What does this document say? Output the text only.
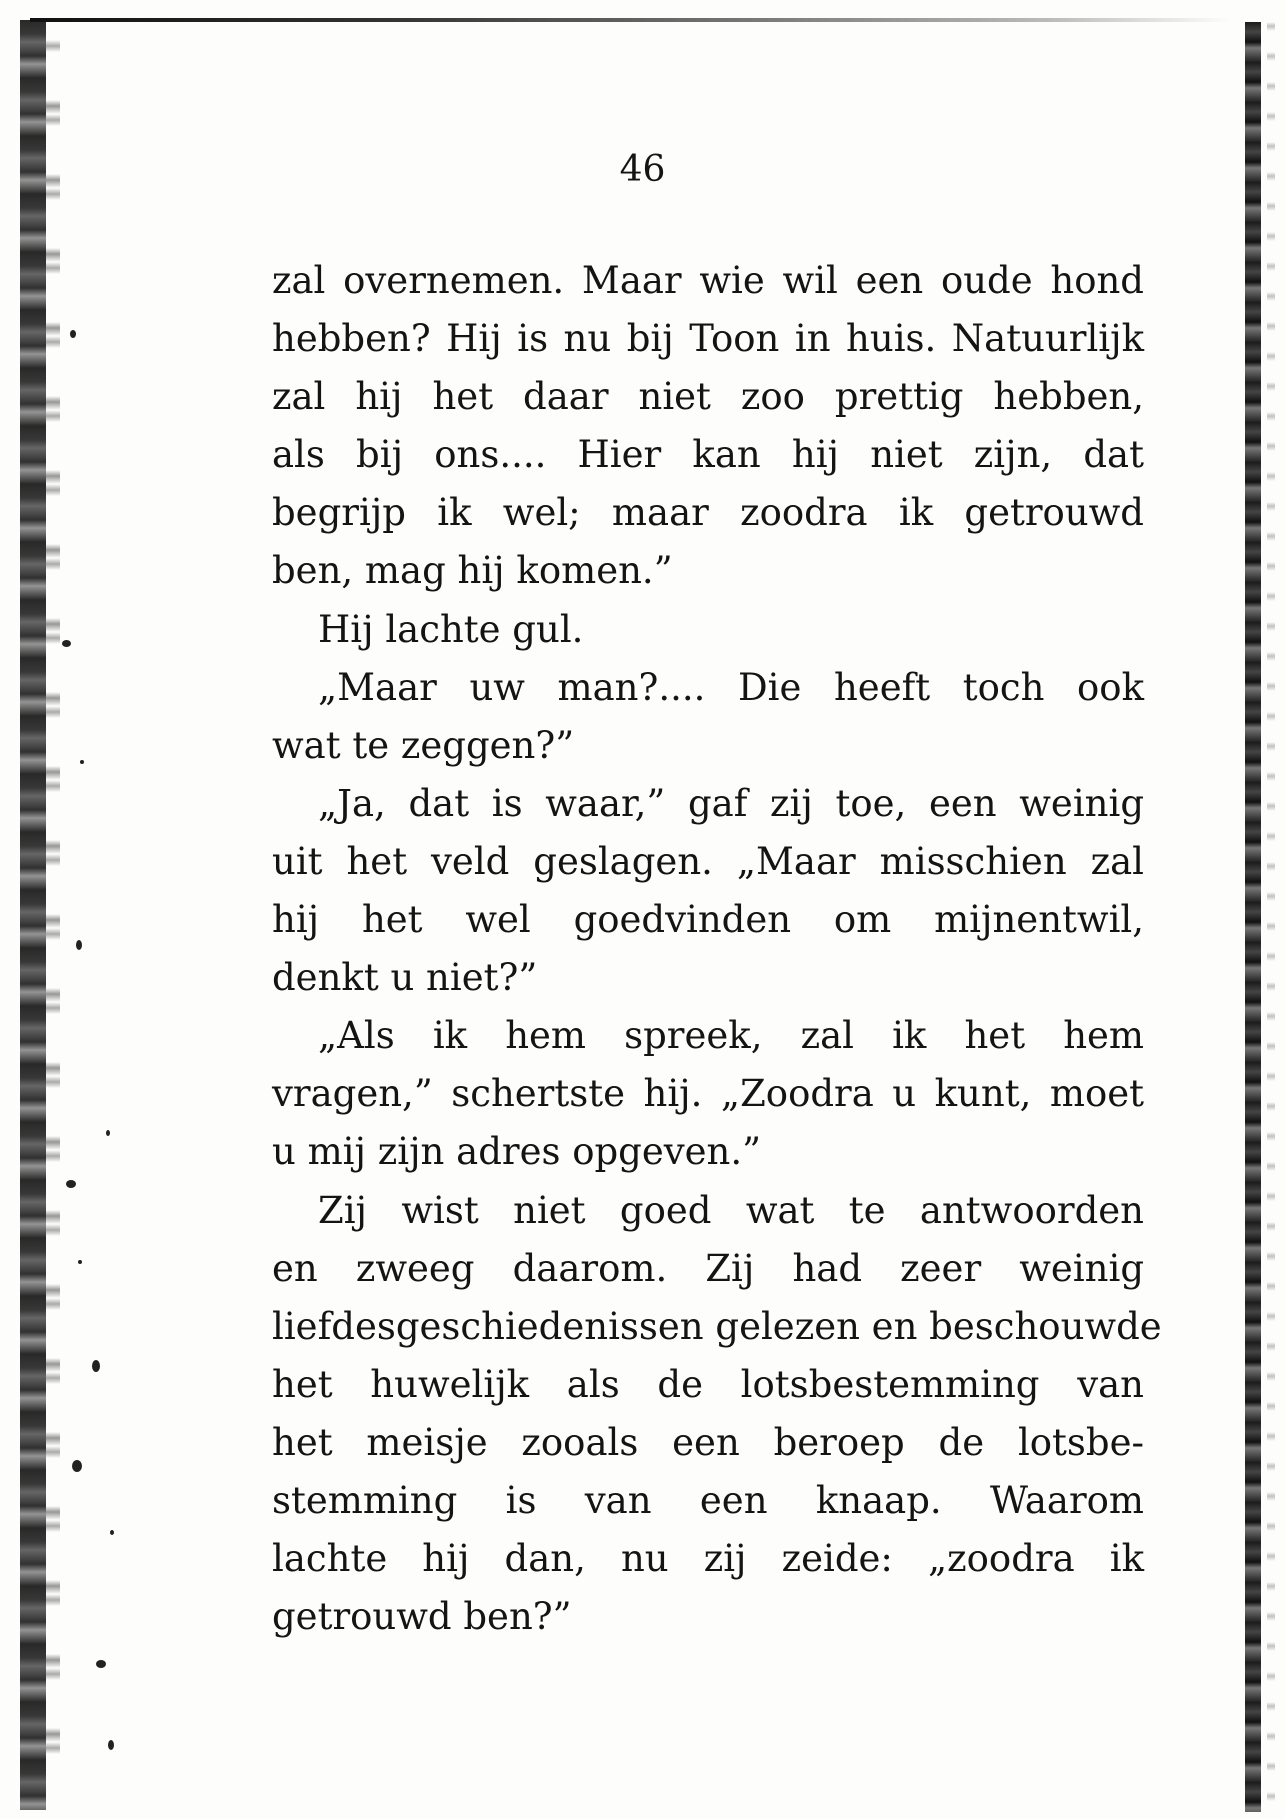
46
zal overnemen. Maar wie wil een oude hond
hebben? Hij is nu bij Toon in huis. Natuurlijk
zal hij het daar niet zoo prettig hebben,
als bij ons.... Hier kan hij niet zijn, dat
begrijp ik wel; maar zoodra ik getrouwd
ben, mag hij komen.”
Hij lachte gul.
„Maar uw man?.... Die heeft toch ook
wat te zeggen?”
„Ja, dat is waar,” gaf zij toe, een weinig
uit het veld geslagen. „Maar misschien zal
hij het wel goedvinden om mijnentwil,
denkt u niet?”
„Als ik hem spreek, zal ik het hem
vragen,” schertste hij. „Zoodra u kunt, moet
u mij zijn adres opgeven.”
Zij wist niet goed wat te antwoorden
en zweeg daarom. Zij had zeer weinig
liefdesgeschiedenissen gelezen en beschouwde
het huwelijk als de lotsbestemming van
het meisje zooals een beroep de lotsbe-
stemming is van een knaap. Waarom
lachte hij dan, nu zij zeide: „zoodra ik
getrouwd ben?”
